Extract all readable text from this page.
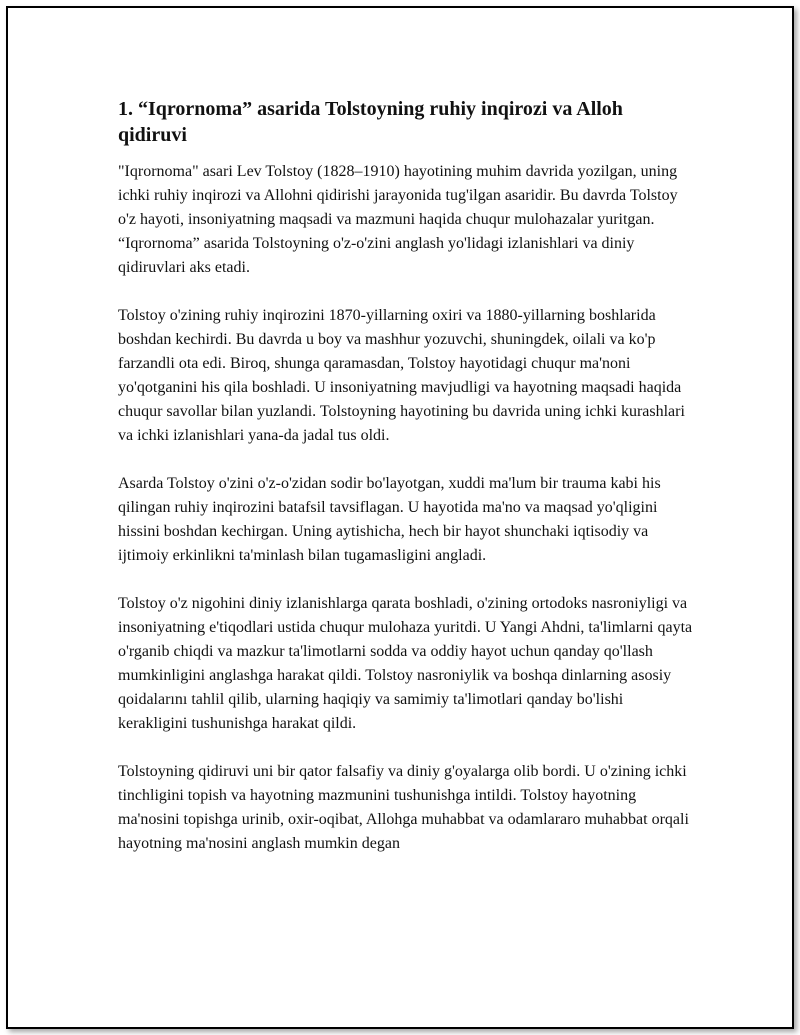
1. “Iqrornoma” asarida Tolstoyning ruhiy inqirozi va Alloh qidiruvi

"Iqrornoma" asari Lev Tolstoy (1828–1910) hayotining muhim davrida yozilgan, uning ichki ruhiy inqirozi va Allohni qidirishi jarayonida tug'ilgan asaridir. Bu davrda Tolstoy o'z hayoti, insoniyatning maqsadi va mazmuni haqida chuqur mulohazalar yuritgan. “Iqrornoma” asarida Tolstoyning o'z-o'zini anglash yo'lidagi izlanishlari va diniy qidiruvlari aks etadi.

Tolstoy o'zining ruhiy inqirozini 1870-yillarning oxiri va 1880-yillarning boshlarida boshdan kechirdi. Bu davrda u boy va mashhur yozuvchi, shuningdek, oilali va ko'p farzandli ota edi. Biroq, shunga qaramasdan, Tolstoy hayotidagi chuqur ma'noni yo'qotganini his qila boshladi. U insoniyatning mavjudligi va hayotning maqsadi haqida chuqur savollar bilan yuzlandi. Tolstoyning hayotining bu davrida uning ichki kurashlari va ichki izlanishlari yana-da jadal tus oldi.

Asarda Tolstoy o'zini o'z-o'zidan sodir bo'layotgan, xuddi ma'lum bir trauma kabi his qilingan ruhiy inqirozini batafsil tavsiflagan. U hayotida ma'no va maqsad yo'qligini hissini boshdan kechirgan. Uning aytishicha, hech bir hayot shunchaki iqtisodiy va ijtimoiy erkinlikni ta'minlash bilan tugamasligini angladi.

Tolstoy o'z nigohini diniy izlanishlarga qarata boshladi, o'zining ortodoks nasroniyligi va insoniyatning e'tiqodlari ustida chuqur mulohaza yuritdi. U Yangi Ahdni, ta'limlarni qayta o'rganib chiqdi va mazkur ta'limotlarni sodda va oddiy hayot uchun qanday qo'llash mumkinligini anglashga harakat qildi. Tolstoy nasroniylik va boshqa dinlarning asosiy qoidalarını tahlil qilib, ularning haqiqiy va samimiy ta'limotlari qanday bo'lishi kerakligini tushunishga harakat qildi.

Tolstoyning qidiruvi uni bir qator falsafiy va diniy g'oyalarga olib bordi. U o'zining ichki tinchligini topish va hayotning mazmunini tushunishga intildi. Tolstoy hayotning ma'nosini topishga urinib, oxir-oqibat, Allohga muhabbat va odamlararo muhabbat orqali hayotning ma'nosini anglash mumkin degan
